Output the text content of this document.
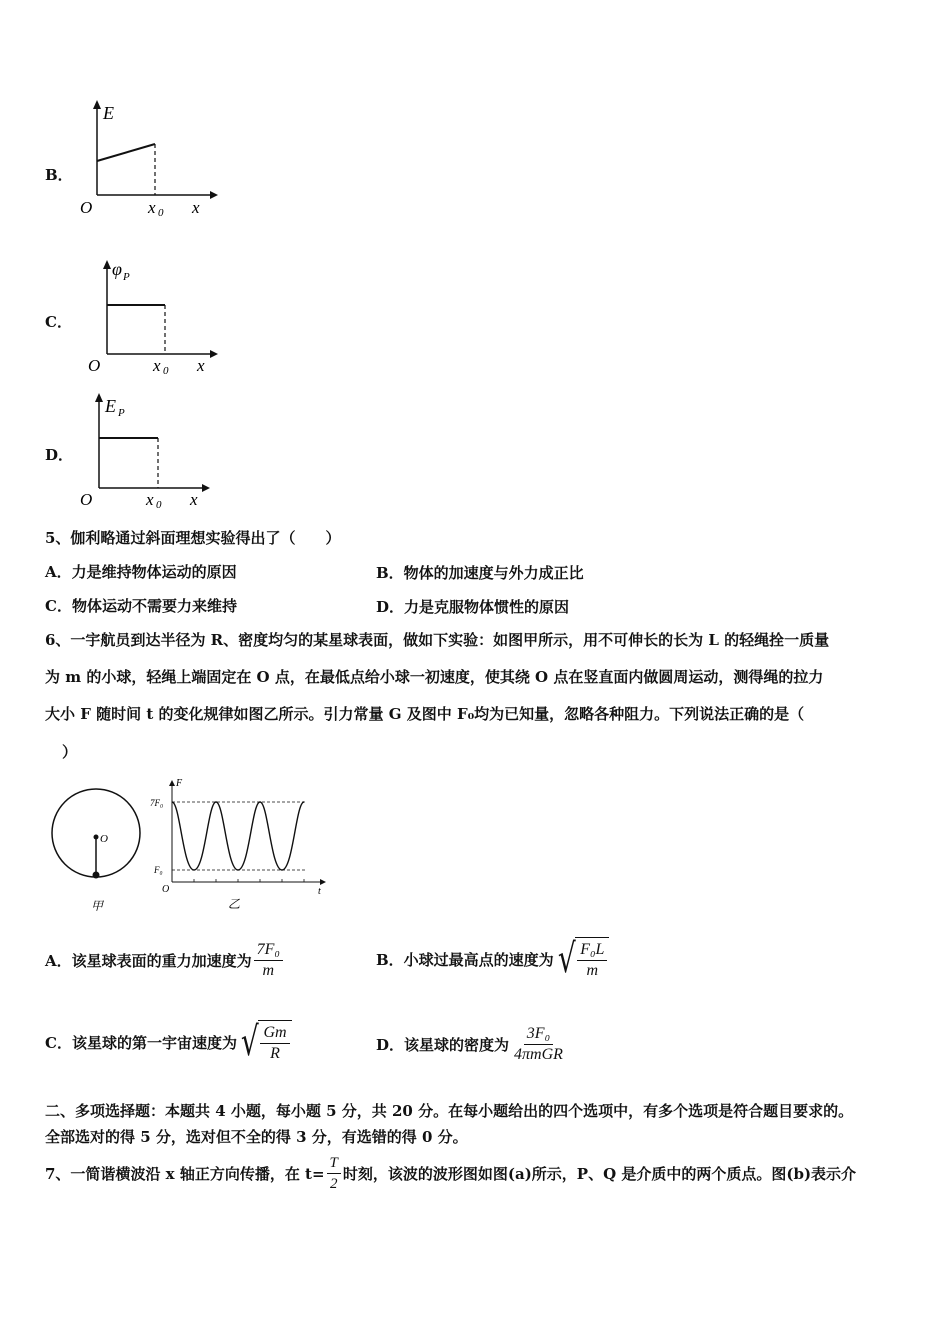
B．
E
O	x 0 x
C．
φ P
O	x 0 x
D．
E P
O	x 0 x
5、伽利略通过斜面理想实验得出了（　　）
A．力是维持物体运动的原因	B．物体的加速度与外力成正比
C．物体运动不需要力来维持	D．力是克服物体惯性的原因
6、一宇航员到达半径为 R、密度均匀的某星球表面，做如下实验：如图甲所示，用不可伸长的长为 L 的轻绳拴一质量
为 m 的小球，轻绳上端固定在 O 点，在最低点给小球一初速度，使其绕 O 点在竖直面内做圆周运动，测得绳的拉力
大小 F 随时间 t 的变化规律如图乙所示。引力常量 G 及图中 F₀均为已知量，忽略各种阻力。下列说法正确的是（
）
O
甲
F
7F₀
F₀
O	t
乙
A．该星球表面的重力加速度为 $\frac{\text{7F₀}}{m}$	B．小球过最高点的速度为 √ $\frac{\text{F₀L}}{m}$
C．该星球的第一宇宙速度为 √ $\frac{Gm}{R}$	D．该星球的密度为 $\frac{\text{3F₀}}{\text{4πmGR}}$
二、多项选择题：本题共 4 小题，每小题 5 分，共 20 分。在每小题给出的四个选项中，有多个选项是符合题目要求的。
全部选对的得 5 分，选对但不全的得 3 分，有选错的得 0 分。
7、一简谐横波沿 x 轴正方向传播，在 $t= \frac{T}{2}$ 时刻，该波的波形图如图(a)所示，P、Q 是介质中的两个质点。图(b)表示介
